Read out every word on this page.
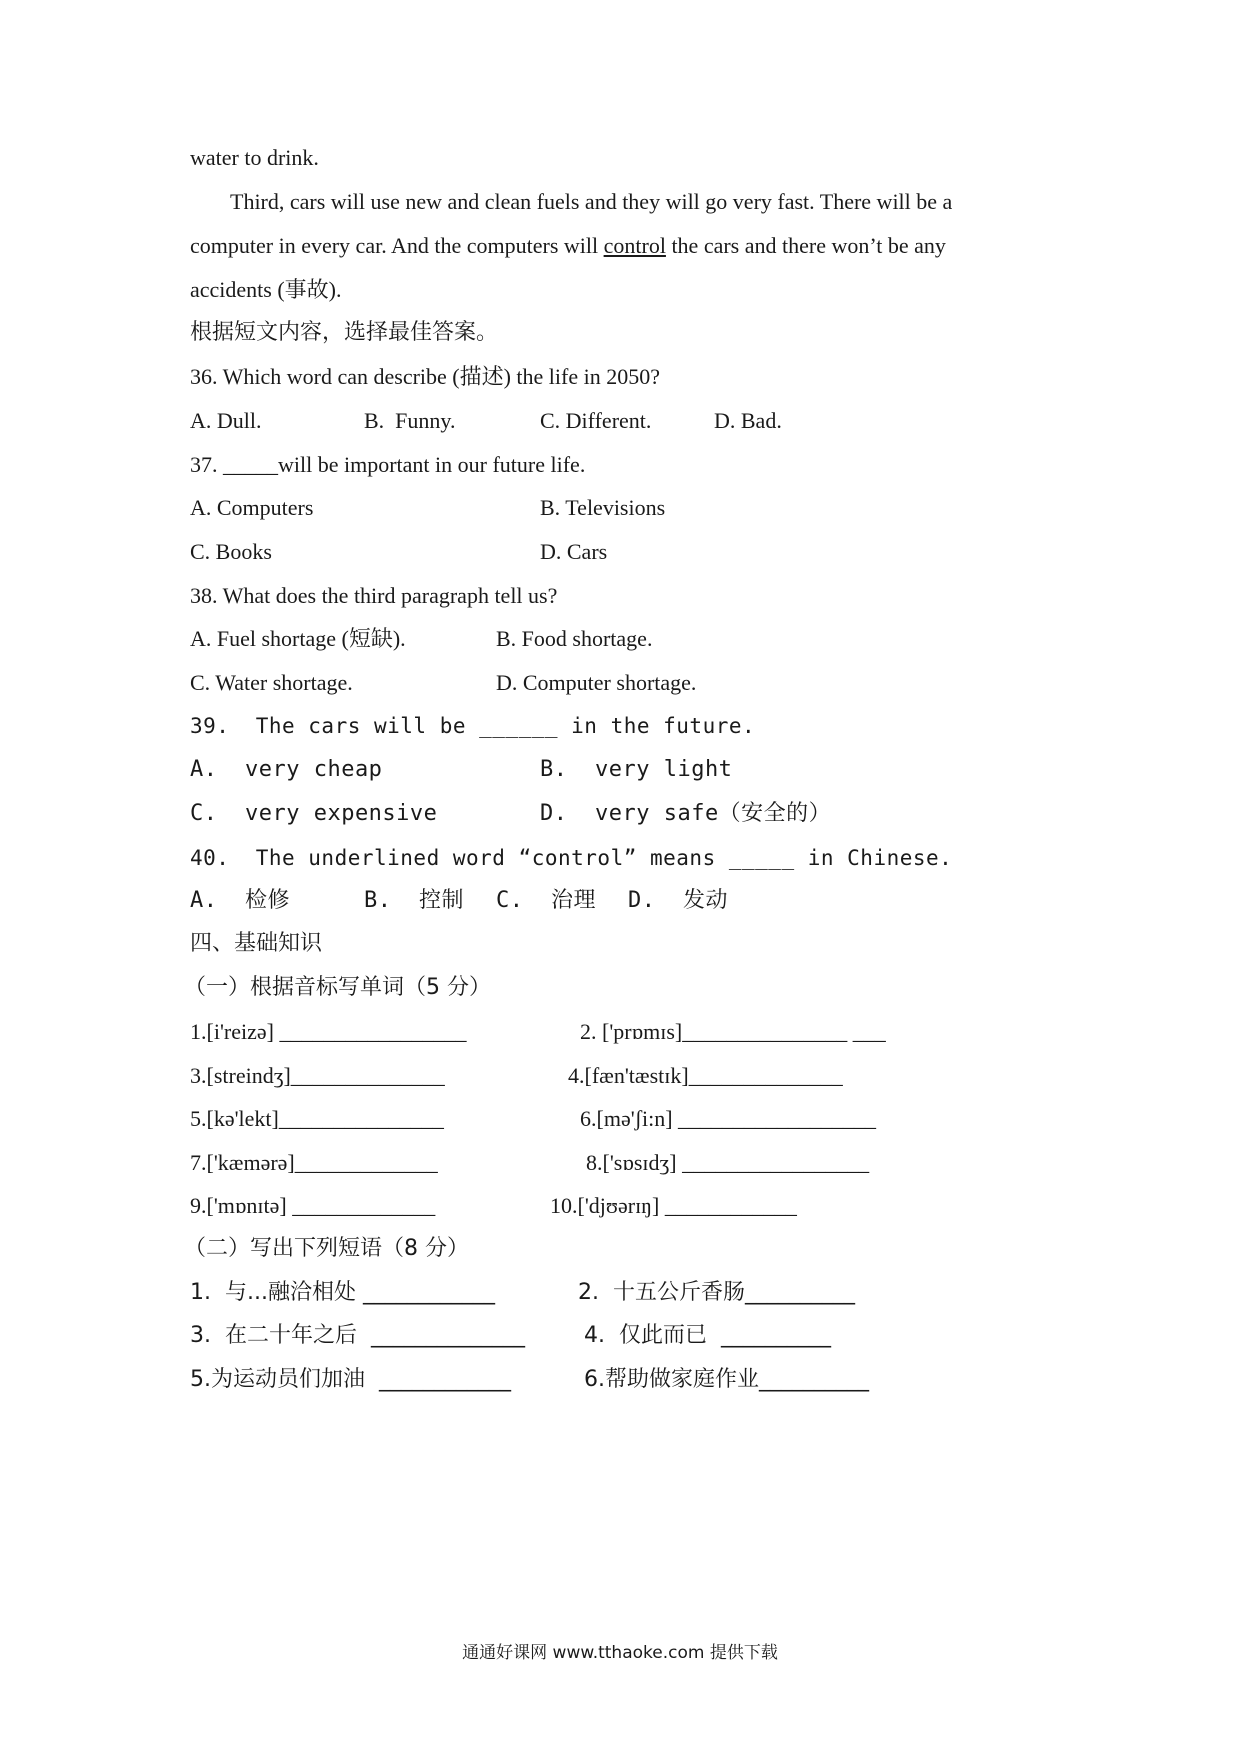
water to drink.
Third, cars will use new and clean fuels and they will go very fast. There will be a
computer in every car. And the computers will control the cars and there won’t be any
accidents (事故).
根据短文内容，选择最佳答案。
36. Which word can describe (描述) the life in 2050?
A. Dull.	B.  Funny.	C. Different.	D. Bad.
37. _____will be important in our future life.
A. Computers	B. Televisions
C. Books	D. Cars
38. What does the third paragraph tell us?
A. Fuel shortage (短缺).	B. Food shortage.
C. Water shortage.	D. Computer shortage.
39.  The cars will be ______ in the future.
A.  very cheap	B.  very light
C.  very expensive	D.  very safe（安全的）
40.  The underlined word “control” means _____ in Chinese.
A.  检修	B.  控制 C.  治理 D.  发动
四、基础知识
（一）根据音标写单词（5 分）
1.[i'reizə] _________________	2. ['prɒmɪs]_______________ ___
3.[streindʒ]______________	4.[fæn'tæstɪk]______________
5.[kə'lekt]_______________	6.[mə'ʃi:n] __________________
7.['kæmərə]_____________	8.['sɒsɪdʒ] _________________
9.['mɒnɪtə] _____________	10.['djʊərɪŋ] ____________
（二）写出下列短语（8 分）
1.  与...融洽相处 ____________	2.  十五公斤香肠__________
3.  在二十年之后  ______________	4.  仅此而已  __________
5.为运动员们加油  ____________	6.帮助做家庭作业__________
通通好课网 www.tthaoke.com 提供下载
